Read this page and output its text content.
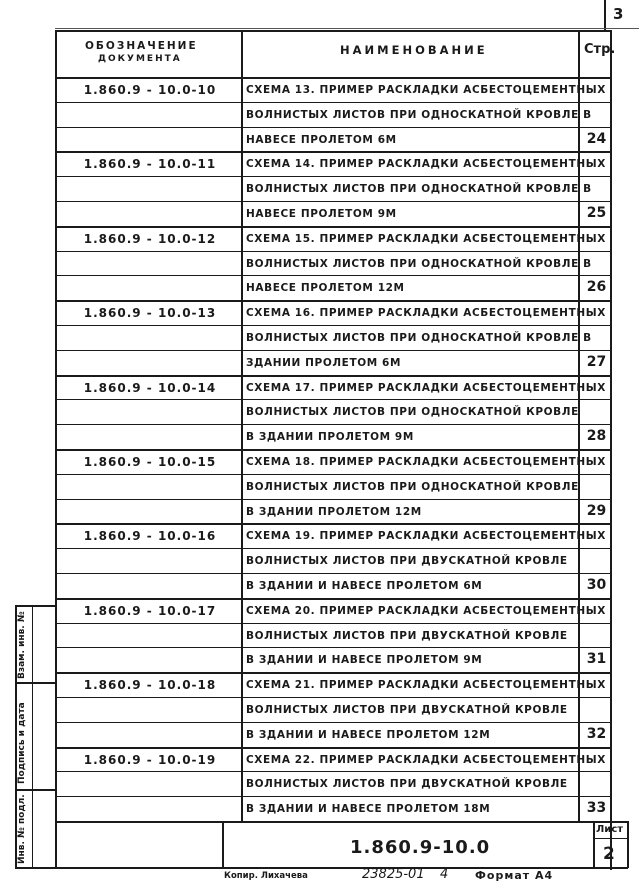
3
ОБОЗНАЧЕНИЕ
ДОКУМЕНТА
НАИМЕНОВАНИЕ	Стр.
1.860.9 - 10.0-10	СХЕМА 13. ПРИМЕР РАСКЛАДКИ АСБЕСТОЦЕМЕНТНЫХ
ВОЛНИСТЫХ ЛИСТОВ ПРИ ОДНОСКАТНОЙ КРОВЛЕ В
НАВЕСЕ ПРОЛЕТОМ 6М	24
1.860.9 - 10.0-11	СХЕМА 14. ПРИМЕР РАСКЛАДКИ АСБЕСТОЦЕМЕНТНЫХ
ВОЛНИСТЫХ ЛИСТОВ ПРИ ОДНОСКАТНОЙ КРОВЛЕ В
НАВЕСЕ ПРОЛЕТОМ 9М	25
1.860.9 - 10.0-12	СХЕМА 15. ПРИМЕР РАСКЛАДКИ АСБЕСТОЦЕМЕНТНЫХ
ВОЛНИСТЫХ ЛИСТОВ ПРИ ОДНОСКАТНОЙ КРОВЛЕ В
НАВЕСЕ ПРОЛЕТОМ 12М	26
1.860.9 - 10.0-13	СХЕМА 16. ПРИМЕР РАСКЛАДКИ АСБЕСТОЦЕМЕНТНЫХ
ВОЛНИСТЫХ ЛИСТОВ ПРИ ОДНОСКАТНОЙ КРОВЛЕ В
ЗДАНИИ ПРОЛЕТОМ 6М	27
1.860.9 - 10.0-14	СХЕМА 17. ПРИМЕР РАСКЛАДКИ АСБЕСТОЦЕМЕНТНЫХ
ВОЛНИСТЫХ ЛИСТОВ ПРИ ОДНОСКАТНОЙ КРОВЛЕ
В ЗДАНИИ ПРОЛЕТОМ 9М	28
1.860.9 - 10.0-15	СХЕМА 18. ПРИМЕР РАСКЛАДКИ АСБЕСТОЦЕМЕНТНЫХ
ВОЛНИСТЫХ ЛИСТОВ ПРИ ОДНОСКАТНОЙ КРОВЛЕ
В ЗДАНИИ ПРОЛЕТОМ 12М	29
1.860.9 - 10.0-16	СХЕМА 19. ПРИМЕР РАСКЛАДКИ АСБЕСТОЦЕМЕНТНЫХ
ВОЛНИСТЫХ ЛИСТОВ ПРИ ДВУСКАТНОЙ КРОВЛЕ
В ЗДАНИИ И НАВЕСЕ ПРОЛЕТОМ 6М	30
1.860.9 - 10.0-17	СХЕМА 20. ПРИМЕР РАСКЛАДКИ АСБЕСТОЦЕМЕНТНЫХ
ВОЛНИСТЫХ ЛИСТОВ ПРИ ДВУСКАТНОЙ КРОВЛЕ
В ЗДАНИИ И НАВЕСЕ ПРОЛЕТОМ 9М	31
1.860.9 - 10.0-18	СХЕМА 21. ПРИМЕР РАСКЛАДКИ АСБЕСТОЦЕМЕНТНЫХ
ВОЛНИСТЫХ ЛИСТОВ ПРИ ДВУСКАТНОЙ КРОВЛЕ
В ЗДАНИИ И НАВЕСЕ ПРОЛЕТОМ 12М	32
1.860.9 - 10.0-19	СХЕМА 22. ПРИМЕР РАСКЛАДКИ АСБЕСТОЦЕМЕНТНЫХ
ВОЛНИСТЫХ ЛИСТОВ ПРИ ДВУСКАТНОЙ КРОВЛЕ
В ЗДАНИИ И НАВЕСЕ ПРОЛЕТОМ 18М	33
1.860.9-10.0
Лист
2
Взам. инв. №
Подпись и дата
Инв. № подл.
Копир. Лихачева	23825-01 4 Формат А4
